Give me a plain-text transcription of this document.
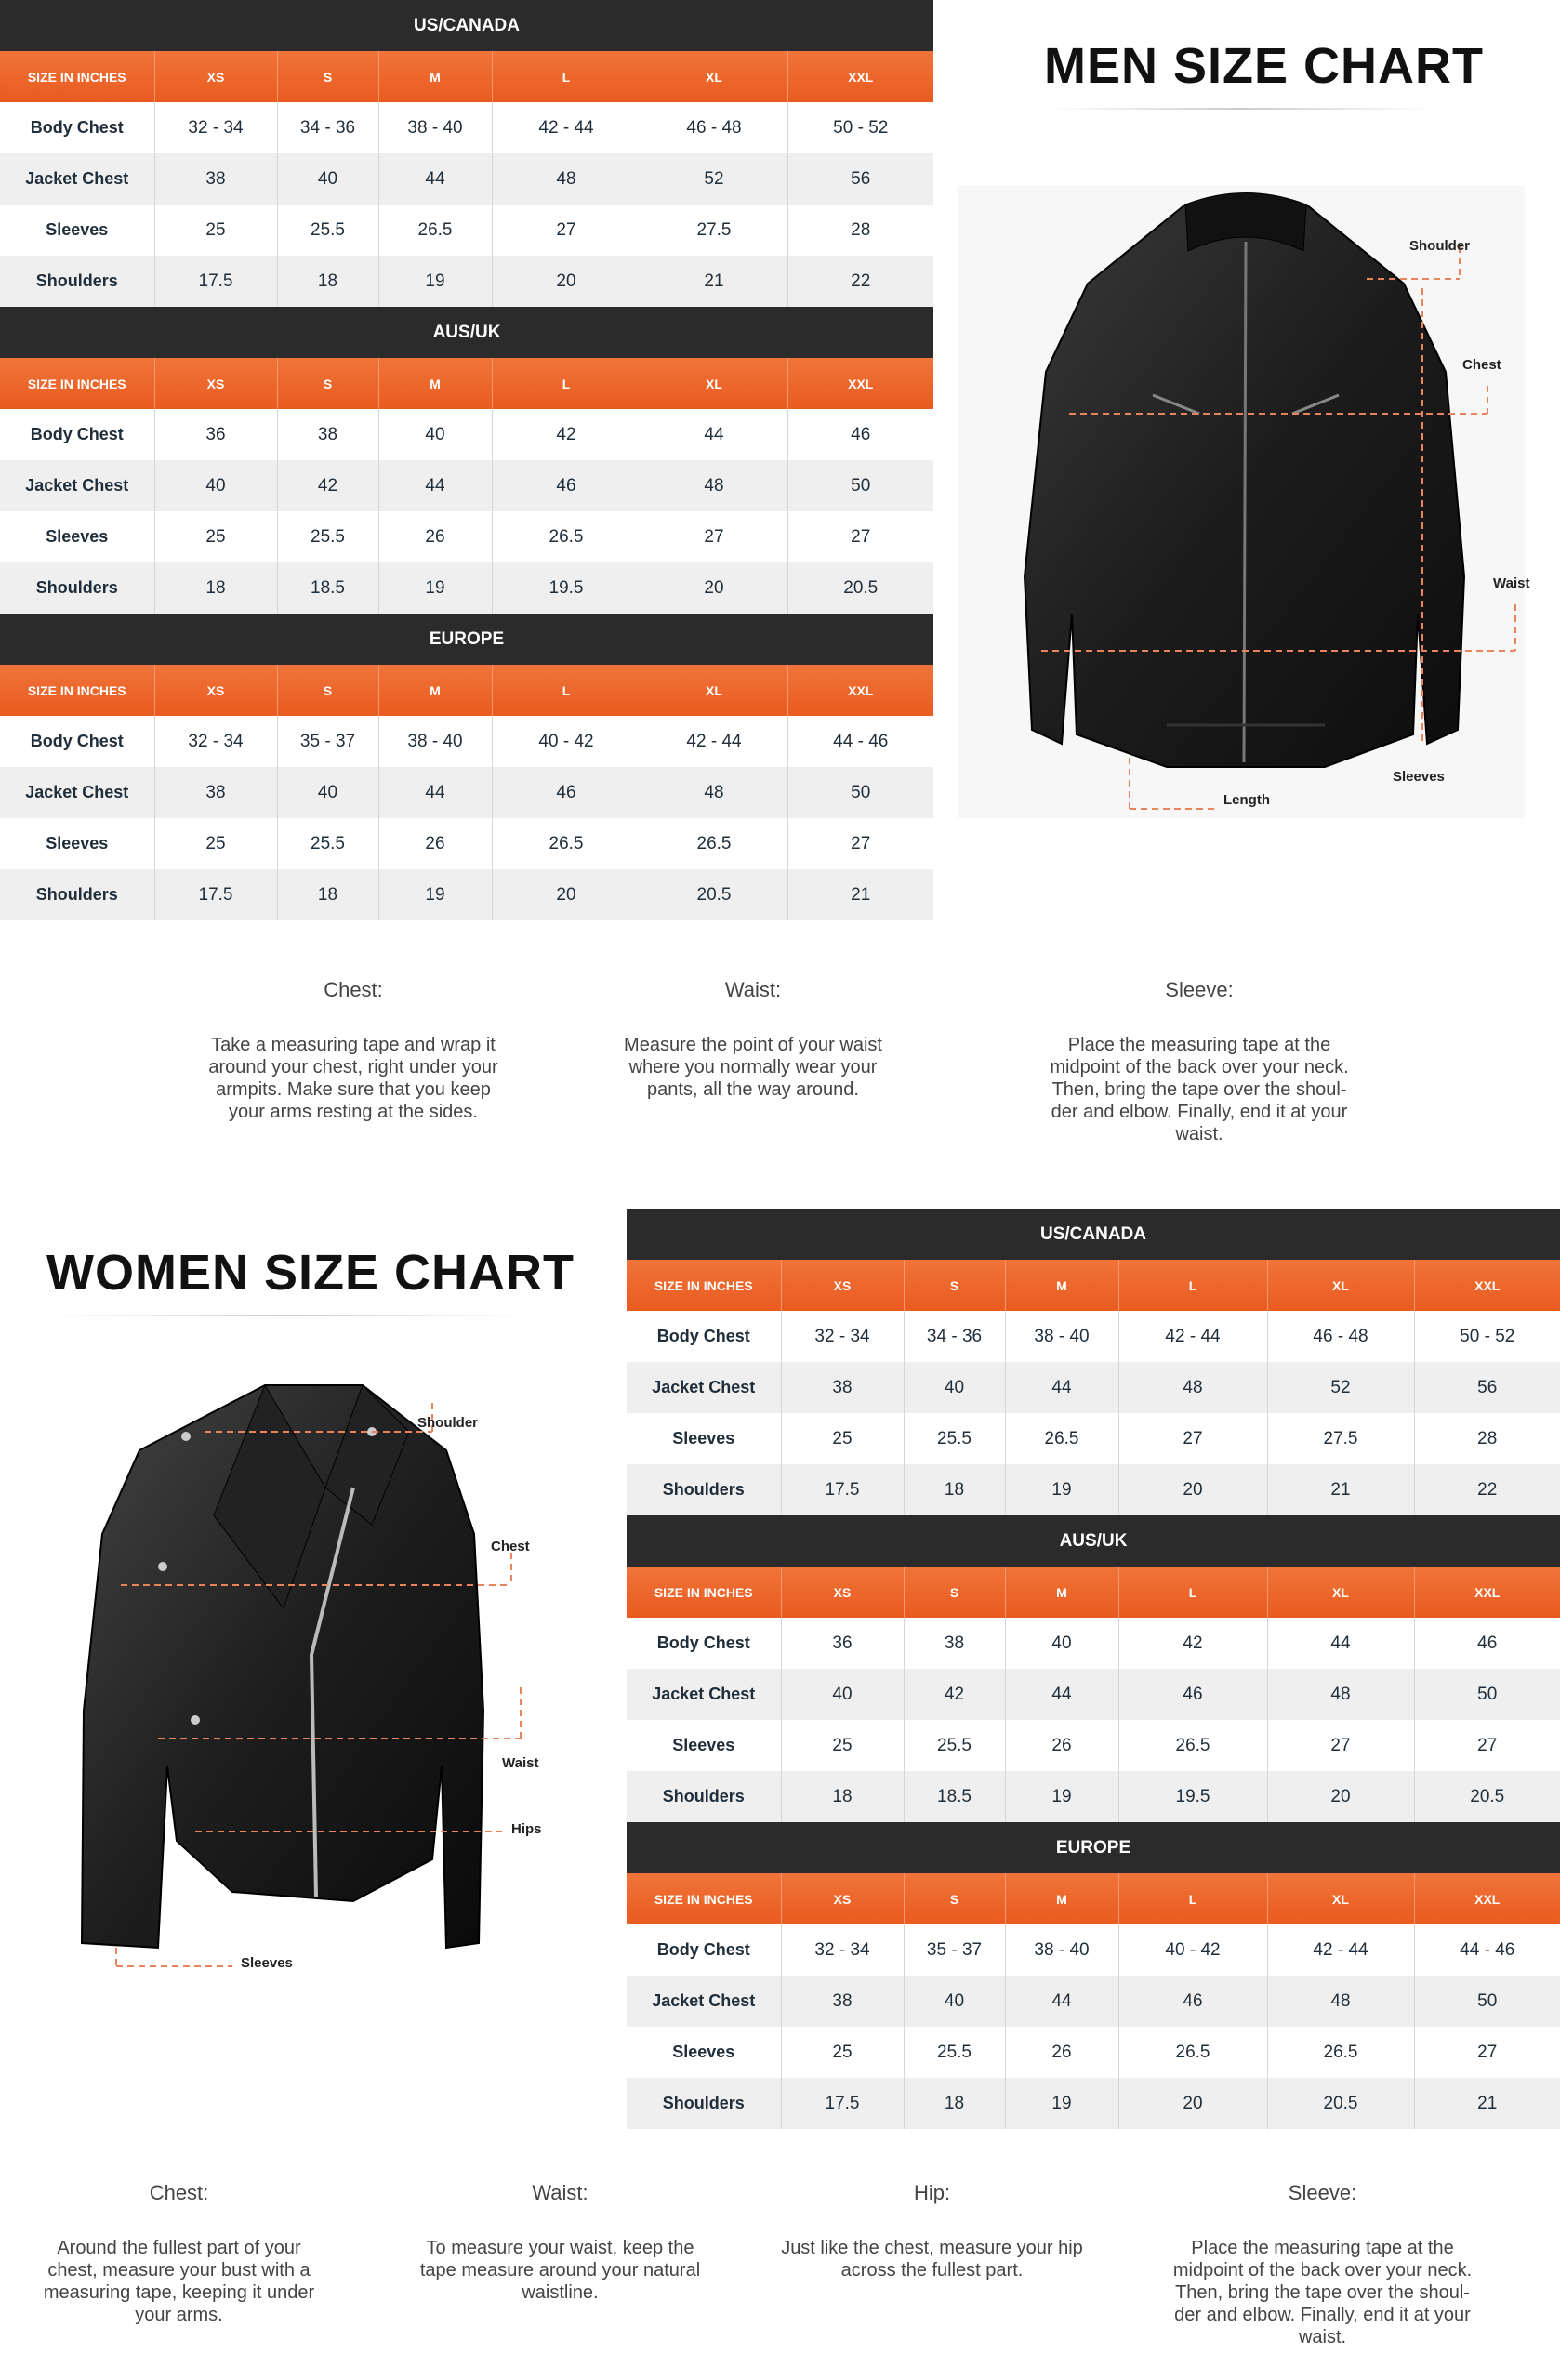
US/CANADA						
SIZE IN INCHES	XS	S	M	L	XL	XXL
Body Chest	32 - 34	34 - 36	38 - 40	42 - 44	46 - 48	50 - 52
Jacket Chest	38	40	44	48	52	56
Sleeves	25	25.5	26.5	27	27.5	28
Shoulders	17.5	18	19	20	21	22
AUS/UK						
SIZE IN INCHES	XS	S	M	L	XL	XXL
Body Chest	36	38	40	42	44	46
Jacket Chest	40	42	44	46	48	50
Sleeves	25	25.5	26	26.5	27	27
Shoulders	18	18.5	19	19.5	20	20.5
EUROPE						
SIZE IN INCHES	XS	S	M	L	XL	XXL
Body Chest	32 - 34	35 - 37	38 - 40	40 - 42	42 - 44	44 - 46
Jacket Chest	38	40	44	46	48	50
Sleeves	25	25.5	26	26.5	26.5	27
Shoulders	17.5	18	19	20	20.5	21
MEN SIZE CHART
Shoulder
Chest
Waist
Sleeves
Length
Chest:
Take a measuring tape and wrap it
around your chest, right under your
armpits. Make sure that you keep
your arms resting at the sides.
Waist:
Measure the point of your waist
where you normally wear your
pants, all the way around.
Sleeve:
Place the measuring tape at the
midpoint of the back over your neck.
Then, bring the tape over the shoul-
der and elbow. Finally, end it at your
waist.
WOMEN SIZE CHART
Shoulder
Chest
Waist
Hips
Sleeves
US/CANADA						
SIZE IN INCHES	XS	S	M	L	XL	XXL
Body Chest	32 - 34	34 - 36	38 - 40	42 - 44	46 - 48	50 - 52
Jacket Chest	38	40	44	48	52	56
Sleeves	25	25.5	26.5	27	27.5	28
Shoulders	17.5	18	19	20	21	22
AUS/UK						
SIZE IN INCHES	XS	S	M	L	XL	XXL
Body Chest	36	38	40	42	44	46
Jacket Chest	40	42	44	46	48	50
Sleeves	25	25.5	26	26.5	27	27
Shoulders	18	18.5	19	19.5	20	20.5
EUROPE						
SIZE IN INCHES	XS	S	M	L	XL	XXL
Body Chest	32 - 34	35 - 37	38 - 40	40 - 42	42 - 44	44 - 46
Jacket Chest	38	40	44	46	48	50
Sleeves	25	25.5	26	26.5	26.5	27
Shoulders	17.5	18	19	20	20.5	21
Chest:
Around the fullest part of your
chest, measure your bust with a
measuring tape, keeping it under
your arms.
Waist:
To measure your waist, keep the
tape measure around your natural
waistline.
Hip:
Just like the chest, measure your hip
across the fullest part.
Sleeve:
Place the measuring tape at the
midpoint of the back over your neck.
Then, bring the tape over the shoul-
der and elbow. Finally, end it at your
waist.
